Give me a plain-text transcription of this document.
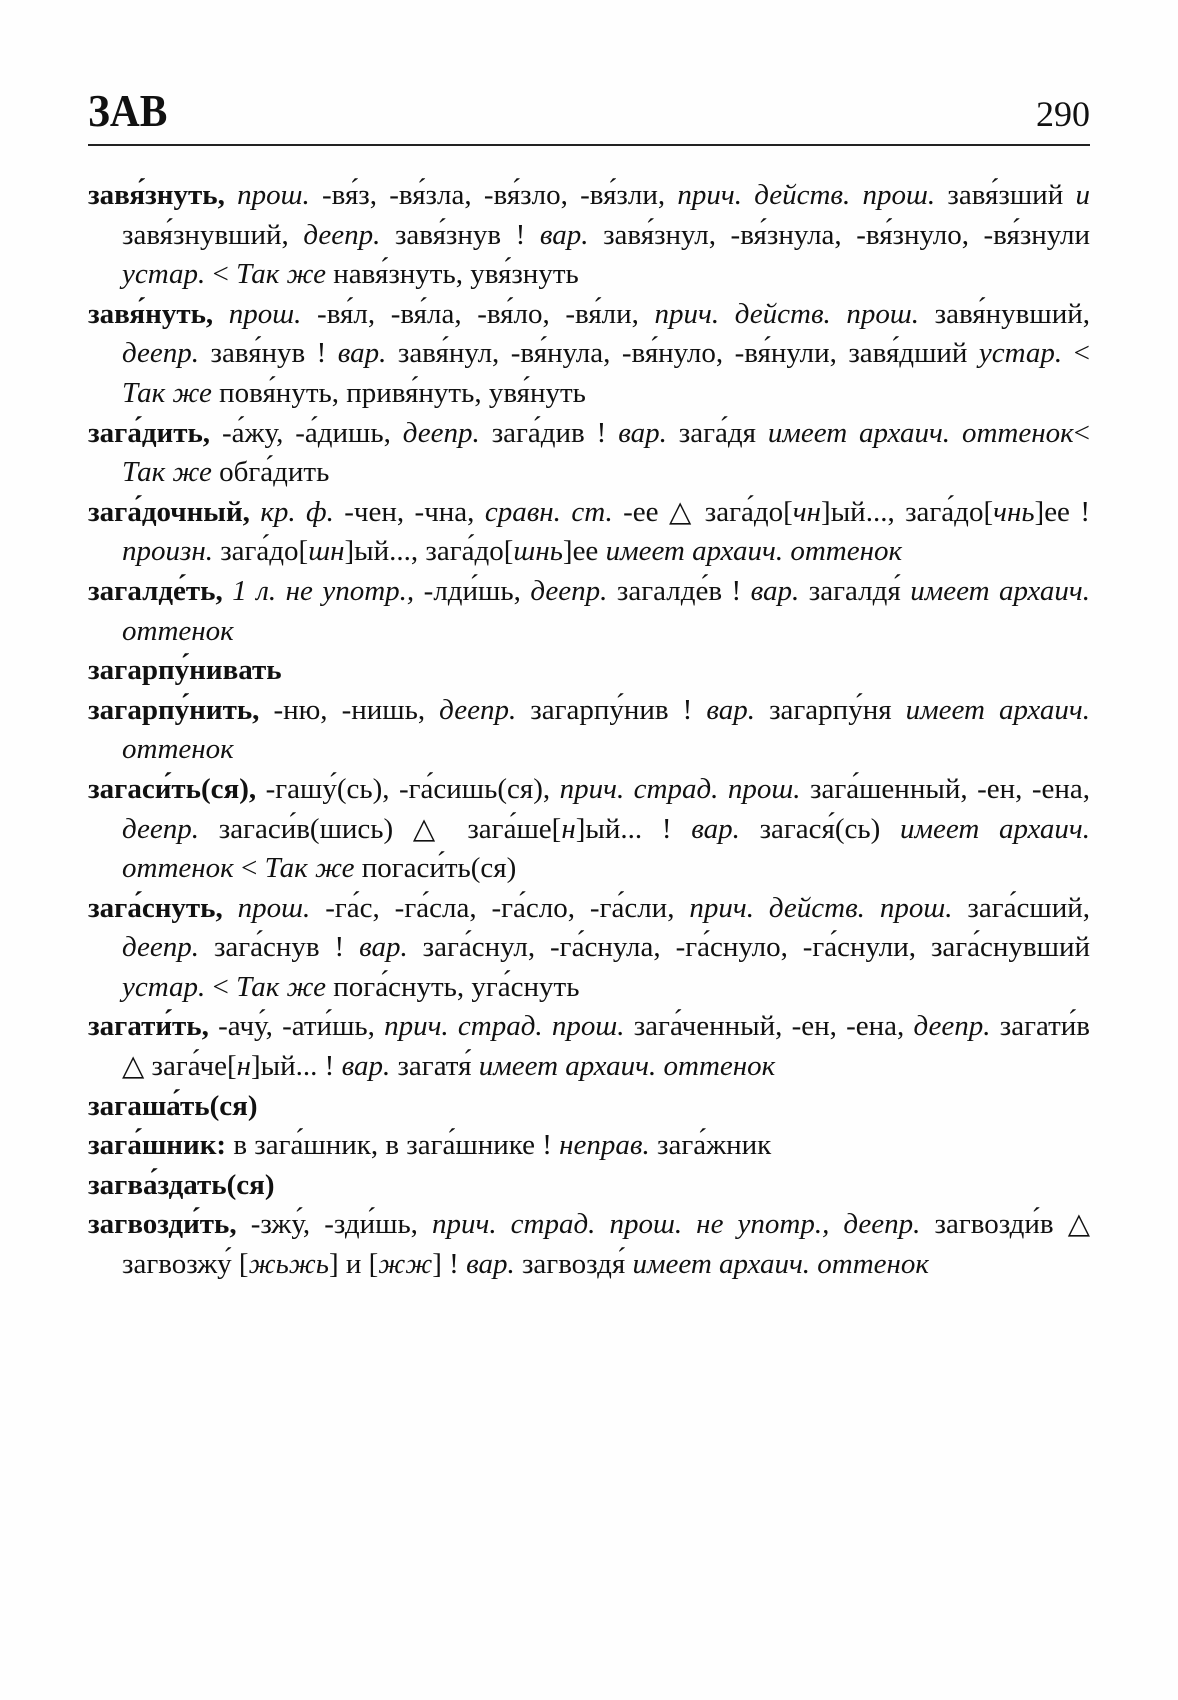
ЗАВ	290

завя́знуть, прош. -вя́з, -вя́зла, -вя́зло, -вя́зли, прич. действ. прош. завя́зший и завя́знувший, деепр. завя́знув ! вар. завя́знул, -вя́знула, -вя́знуло, -вя́знули устар. < Так же навя́знуть, увя́знуть

завя́нуть, прош. -вя́л, -вя́ла, -вя́ло, -вя́ли, прич. действ. прош. завя́нувший, деепр. завя́нув ! вар. завя́нул, -вя́нула, -вя́нуло, -вя́нули, завя́дший устар. < Так же повя́нуть, привя́нуть, увя́нуть

зага́дить, -а́жу, -а́дишь, деепр. зага́див ! вар. зага́дя имеет архаич. оттенок< Так же обга́дить

зага́дочный, кр. ф. -чен, -чна, сравн. ст. -ее △ зага́до[чн]ый..., зага́до[чнь]ее ! произн. зага́до[шн]ый..., зага́до[шнь]ее имеет архаич. оттенок

загалде́ть, 1 л. не употр., -лди́шь, деепр. загалде́в ! вар. загалдя́ имеет архаич. оттенок

загарпу́нивать

загарпу́нить, -ню, -нишь, деепр. загарпу́нив ! вар. загарпу́ня имеет архаич. оттенок

загаси́ть(ся), -гашу́(сь), -га́сишь(ся), прич. страд. прош. зага́шенный, -ен, -ена, деепр. загаси́в(шись) △ зага́ше[н]ый... ! вар. загася́(сь) имеет архаич. оттенок < Так же погаси́ть(ся)

зага́снуть, прош. -га́с, -га́сла, -га́сло, -га́сли, прич. действ. прош. зага́сший, деепр. зага́снув ! вар. зага́снул, -га́снула, -га́снуло, -га́снули, зага́снувший устар. < Так же пога́снуть, уга́снуть

загати́ть, -ачу́, -ати́шь, прич. страд. прош. зага́ченный, -ен, -ена, деепр. загати́в △ зага́че[н]ый... ! вар. загатя́ имеет архаич. оттенок

загаша́ть(ся)

зага́шник: в зага́шник, в зага́шнике ! неправ. зага́жник

загва́здать(ся)

загвозди́ть, -зжу́, -зди́шь, прич. страд. прош. не употр., деепр. загвозди́в △ загвозжу́ [жьжь] и [жж] ! вар. загвоздя́ имеет архаич. оттенок
